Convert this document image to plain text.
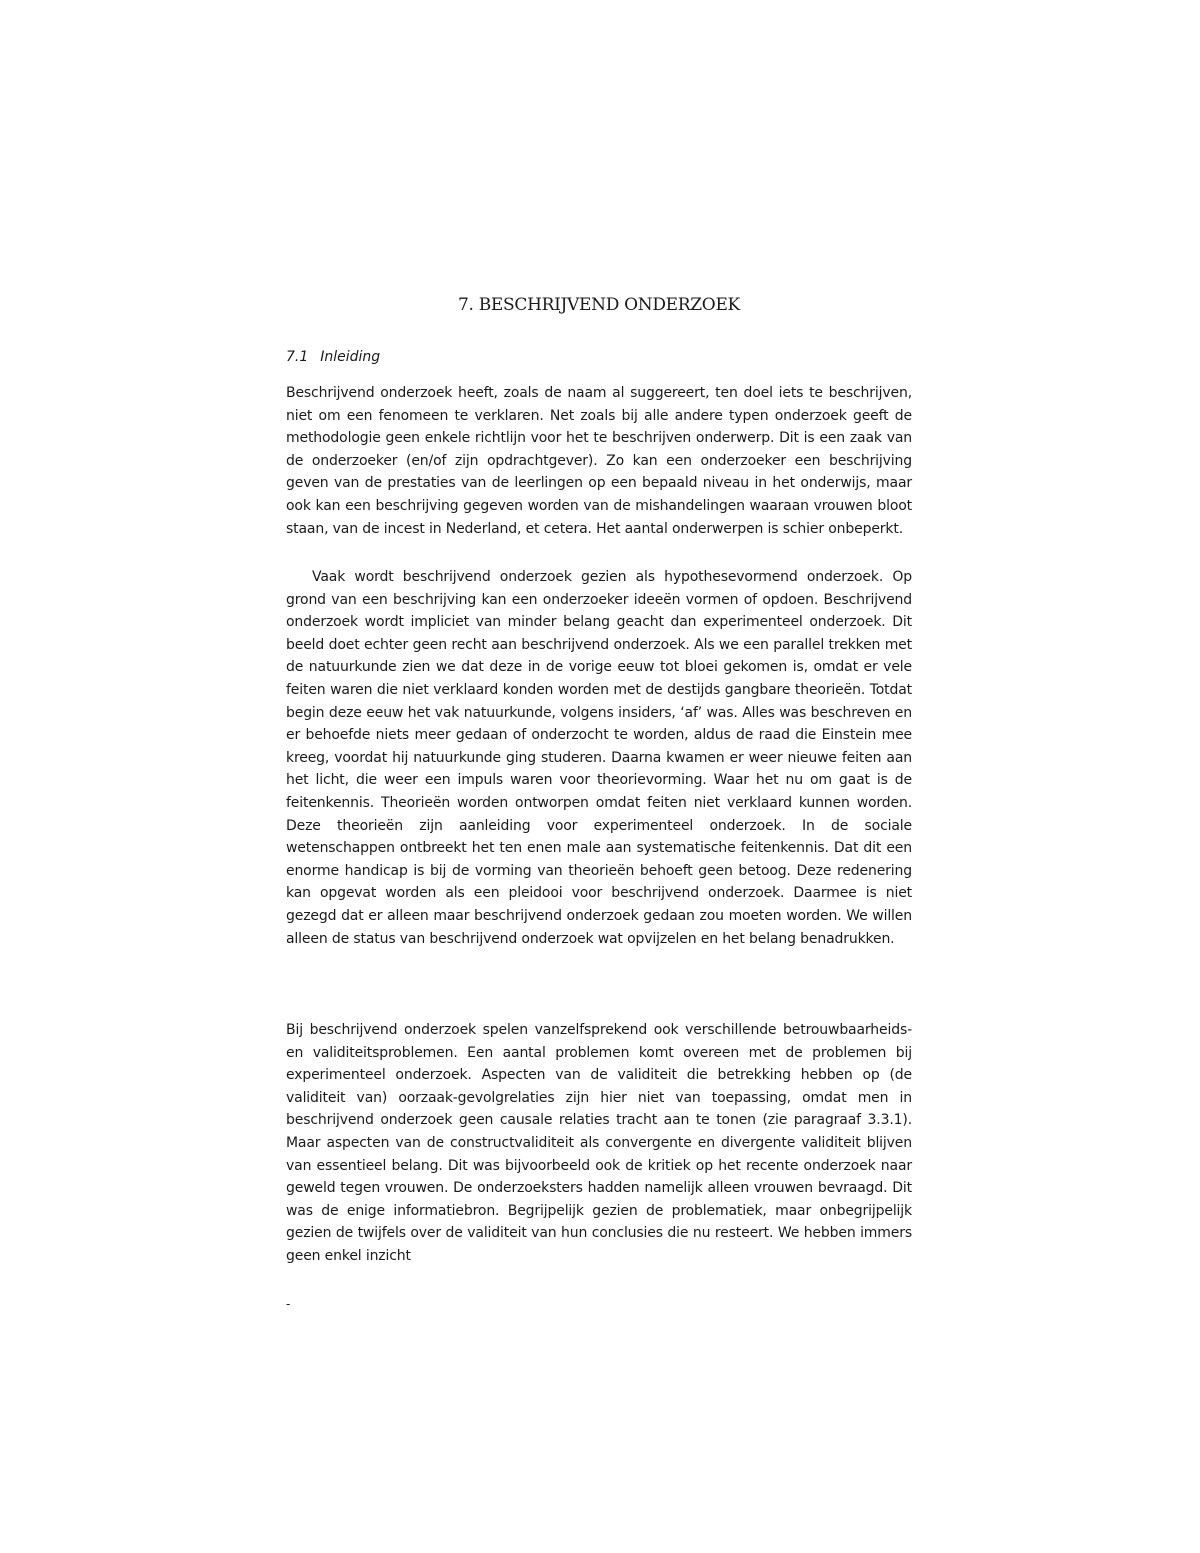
7. BESCHRIJVEND ONDERZOEK
7.1 Inleiding

Beschrijvend onderzoek heeft, zoals de naam al suggereert, ten doel iets te beschrijven, niet om een fenomeen te verklaren. Net zoals bij alle andere typen onderzoek geeft de methodologie geen enkele richtlijn voor het te beschrijven onderwerp. Dit is een zaak van de onderzoeker (en/of zijn opdrachtgever). Zo kan een onderzoeker een beschrijving geven van de prestaties van de leerlingen op een bepaald niveau in het onderwijs, maar ook kan een beschrijving gegeven worden van de mishandelingen waaraan vrouwen bloot staan, van de incest in Nederland, et cetera. Het aantal onderwerpen is schier onbeperkt.

Vaak wordt beschrijvend onderzoek gezien als hypothesevormend onderzoek. Op grond van een beschrijving kan een onderzoeker ideeën vormen of opdoen. Beschrijvend onderzoek wordt impliciet van minder belang geacht dan experimenteel onderzoek. Dit beeld doet echter geen recht aan beschrijvend onderzoek. Als we een parallel trekken met de natuurkunde zien we dat deze in de vorige eeuw tot bloei gekomen is, omdat er vele feiten waren die niet verklaard konden worden met de destijds gangbare theorieën. Totdat begin deze eeuw het vak natuurkunde, volgens insiders, ‘af’ was. Alles was beschreven en er behoefde niets meer gedaan of onderzocht te worden, aldus de raad die Einstein mee kreeg, voordat hij natuurkunde ging studeren. Daarna kwamen er weer nieuwe feiten aan het licht, die weer een impuls waren voor theorievorming. Waar het nu om gaat is de feitenkennis. Theorieën worden ontworpen omdat feiten niet verklaard kunnen worden. Deze theorieën zijn aanleiding voor experimenteel onderzoek. In de sociale wetenschappen ontbreekt het ten enen male aan systematische feitenkennis. Dat dit een enorme handicap is bij de vorming van theorieën behoeft geen betoog. Deze redenering kan opgevat worden als een pleidooi voor beschrijvend onderzoek. Daarmee is niet gezegd dat er alleen maar beschrijvend onderzoek gedaan zou moeten worden. We willen alleen de status van beschrijvend onderzoek wat opvijzelen en het belang benadrukken.

Bij beschrijvend onderzoek spelen vanzelfsprekend ook verschillende betrouwbaarheids- en validiteitsproblemen. Een aantal problemen komt overeen met de problemen bij experimenteel onderzoek. Aspecten van de validiteit die betrekking hebben op (de validiteit van) oorzaak-gevolgrelaties zijn hier niet van toepassing, omdat men in beschrijvend onderzoek geen causale relaties tracht aan te tonen (zie paragraaf 3.3.1). Maar aspecten van de constructvaliditeit als convergente en divergente validiteit blijven van essentieel belang. Dit was bijvoorbeeld ook de kritiek op het recente onderzoek naar geweld tegen vrouwen. De onderzoeksters hadden namelijk alleen vrouwen bevraagd. Dit was de enige informatiebron. Begrijpelijk gezien de problematiek, maar onbegrijpelijk gezien de twijfels over de validiteit van hun conclusies die nu resteert. We hebben immers geen enkel inzicht

-
